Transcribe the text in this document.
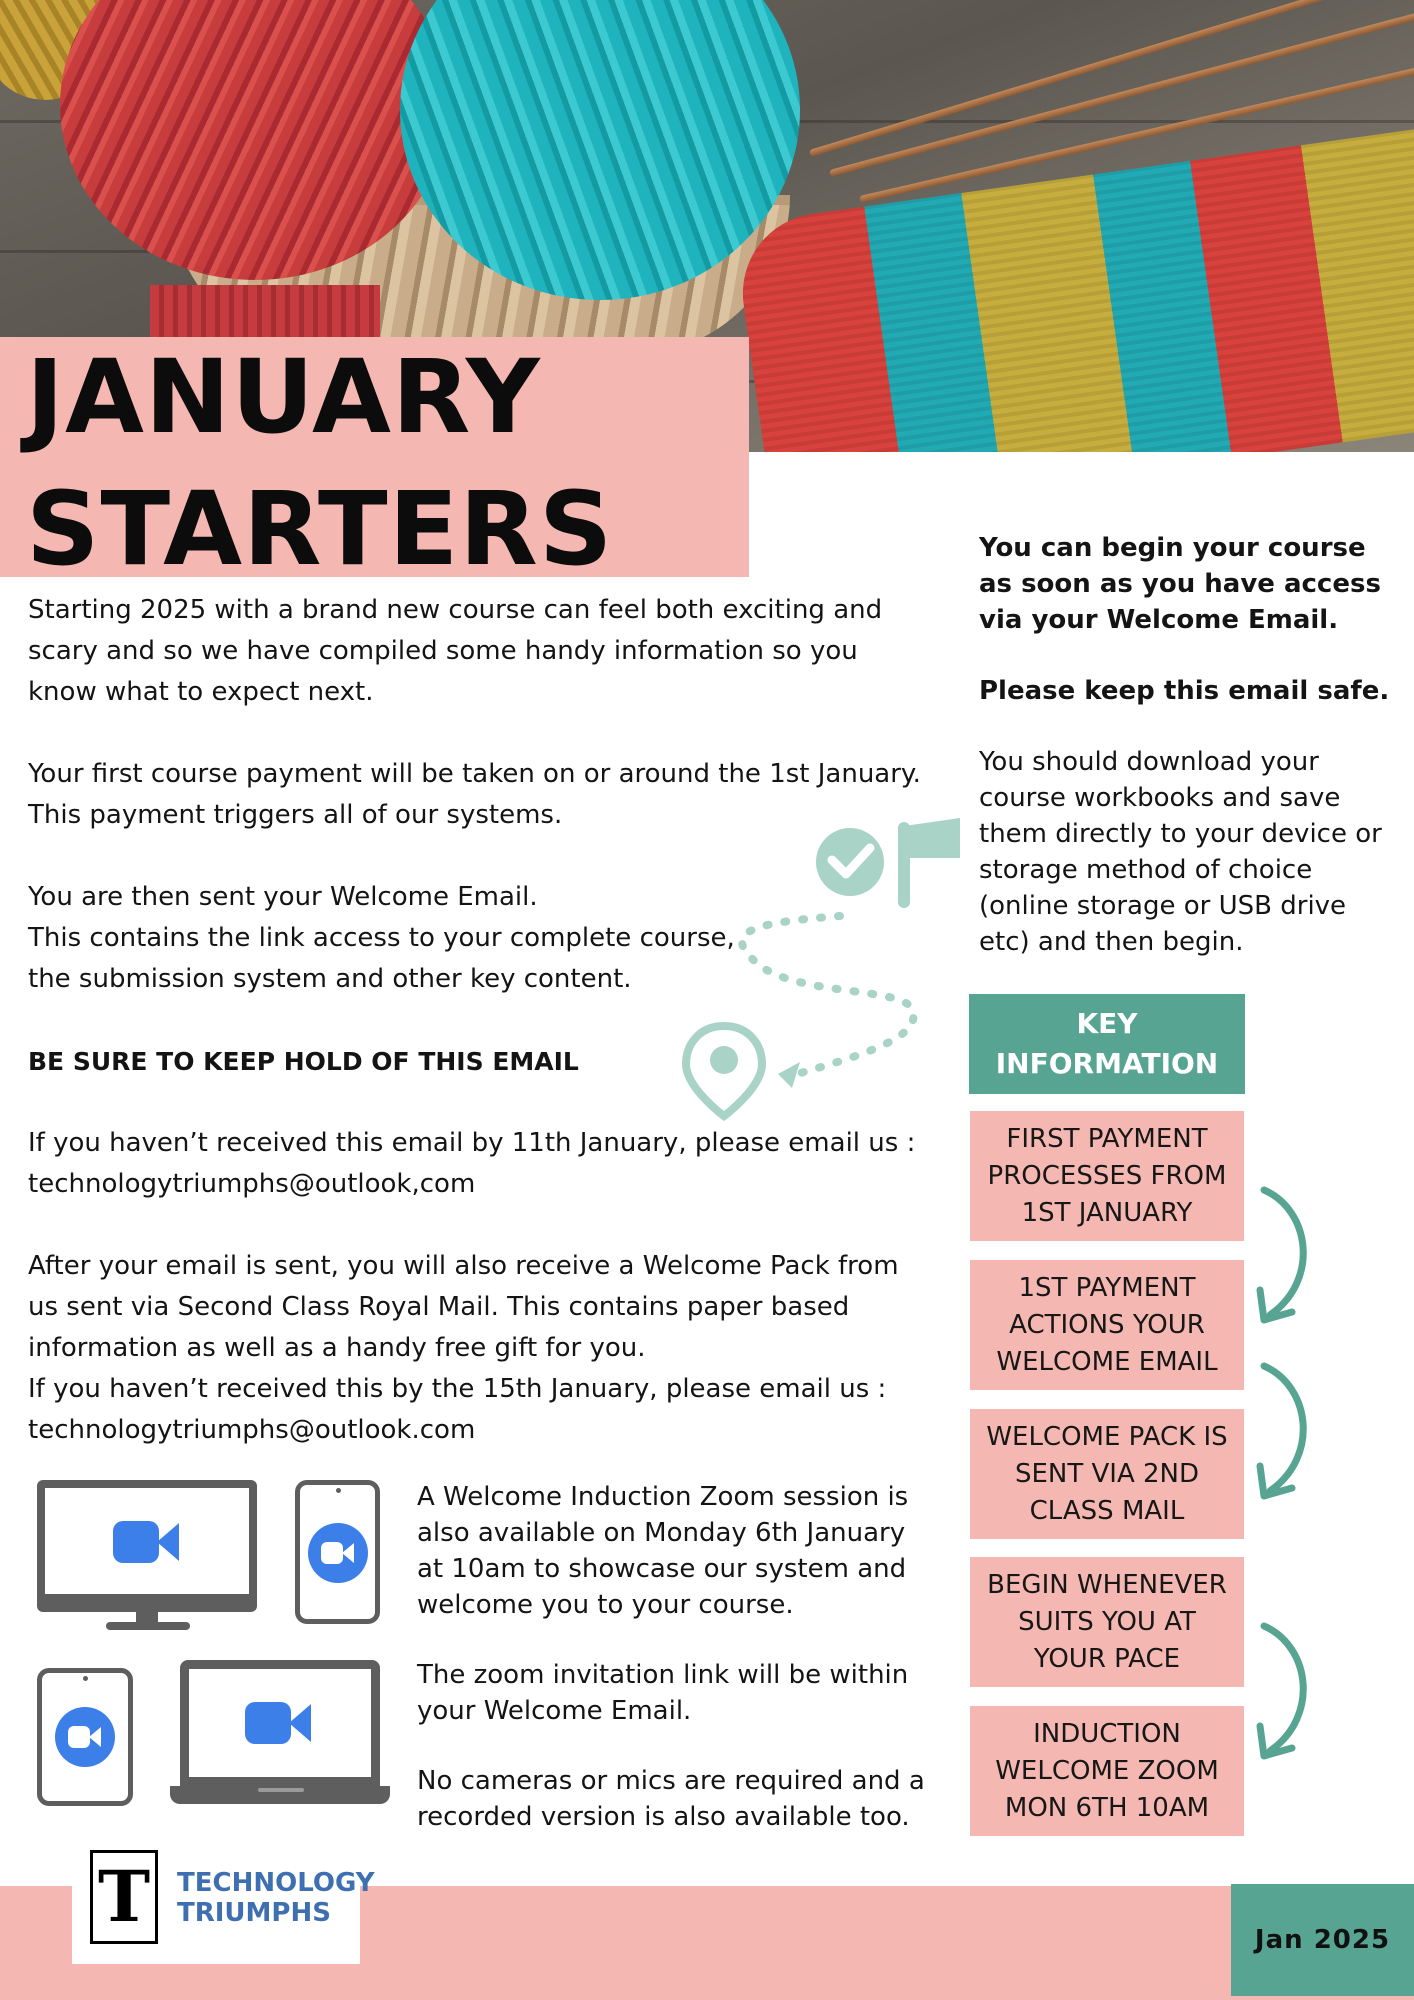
JANUARY
STARTERS

Starting 2025 with a brand new course can feel both exciting and scary and so we have compiled some handy information so you know what to expect next.

Your first course payment will be taken on or around the 1st January.

This payment triggers all of our systems.

You are then sent your Welcome Email.

This contains the link access to your complete course,

the submission system and other key content.

BE SURE TO KEEP HOLD OF THIS EMAIL

If you haven’t received this email by 11th January, please email us :

technologytriumphs@outlook,com

After your email is sent, you will also receive a Welcome Pack from

us sent via Second Class Royal Mail. This contains paper based

information as well as a handy free gift for you.

If you haven’t received this by the 15th January, please email us :

technologytriumphs@outlook.com

A Welcome Induction Zoom session is also available on Monday 6th January at 10am to showcase our system and welcome you to your course.

The zoom invitation link will be within your Welcome Email.

No cameras or mics are required and a recorded version is also available too.

You can begin your course as soon as you have access via your Welcome Email.

Please keep this email safe.

You should download your course workbooks and save them directly to your device or storage method of choice (online storage or USB drive etc) and then begin.

KEY
INFORMATION
FIRST PAYMENT
PROCESSES FROM
1ST JANUARY
1ST PAYMENT
ACTIONS YOUR
WELCOME EMAIL
WELCOME PACK IS
SENT VIA 2ND
CLASS MAIL
BEGIN WHENEVER
SUITS YOU AT
YOUR PACE
INDUCTION
WELCOME ZOOM
MON 6TH 10AM
T	TECHNOLOGY
TRIUMPHS
Jan 2025
